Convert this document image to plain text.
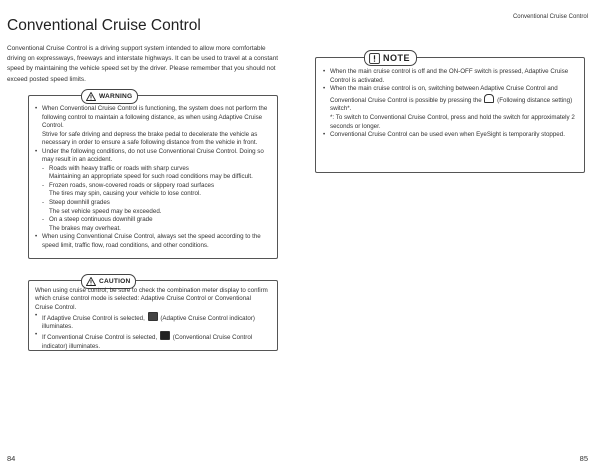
Conventional Cruise Control
Conventional Cruise Control is a driving support system intended to allow more comfortable driving on expressways, freeways and interstate highways. It can be used to travel at a constant speed by maintaining the vehicle speed set by the driver. Please remember that you should not exceed posted speed limits.
WARNING
• When Conventional Cruise Control is functioning, the system does not perform the following control to maintain a following distance, as when using Adaptive Cruise Control.
Strive for safe driving and depress the brake pedal to decelerate the vehicle as necessary in order to ensure a safe following distance from the vehicle in front.
• Under the following conditions, do not use Conventional Cruise Control. Doing so may result in an accident.
- Roads with heavy traffic or roads with sharp curves
Maintaining an appropriate speed for such road conditions may be difficult.
- Frozen roads, snow-covered roads or slippery road surfaces
The tires may spin, causing your vehicle to lose control.
- Steep downhill grades
The set vehicle speed may be exceeded.
- On a steep continuous downhill grade
The brakes may overheat.
• When using Conventional Cruise Control, always set the speed according to the speed limit, traffic flow, road conditions, and other conditions.
CAUTION
When using cruise control, be sure to check the combination meter display to confirm which cruise control mode is selected: Adaptive Cruise Control or Conventional Cruise Control.
• If Adaptive Cruise Control is selected, (Adaptive Cruise Control indicator) illuminates.
• If Conventional Cruise Control is selected, (Conventional Cruise Control indicator) illuminates.
84
Conventional Cruise Control
NOTE
• When the main cruise control is off and the ON-OFF switch is pressed, Adaptive Cruise Control is activated.
• When the main cruise control is on, switching between Adaptive Cruise Control and Conventional Cruise Control is possible by pressing the (Following distance setting) switch*.
*: To switch to Conventional Cruise Control, press and hold the switch for approximately 2 seconds or longer.
• Conventional Cruise Control can be used even when EyeSight is temporarily stopped.
85
